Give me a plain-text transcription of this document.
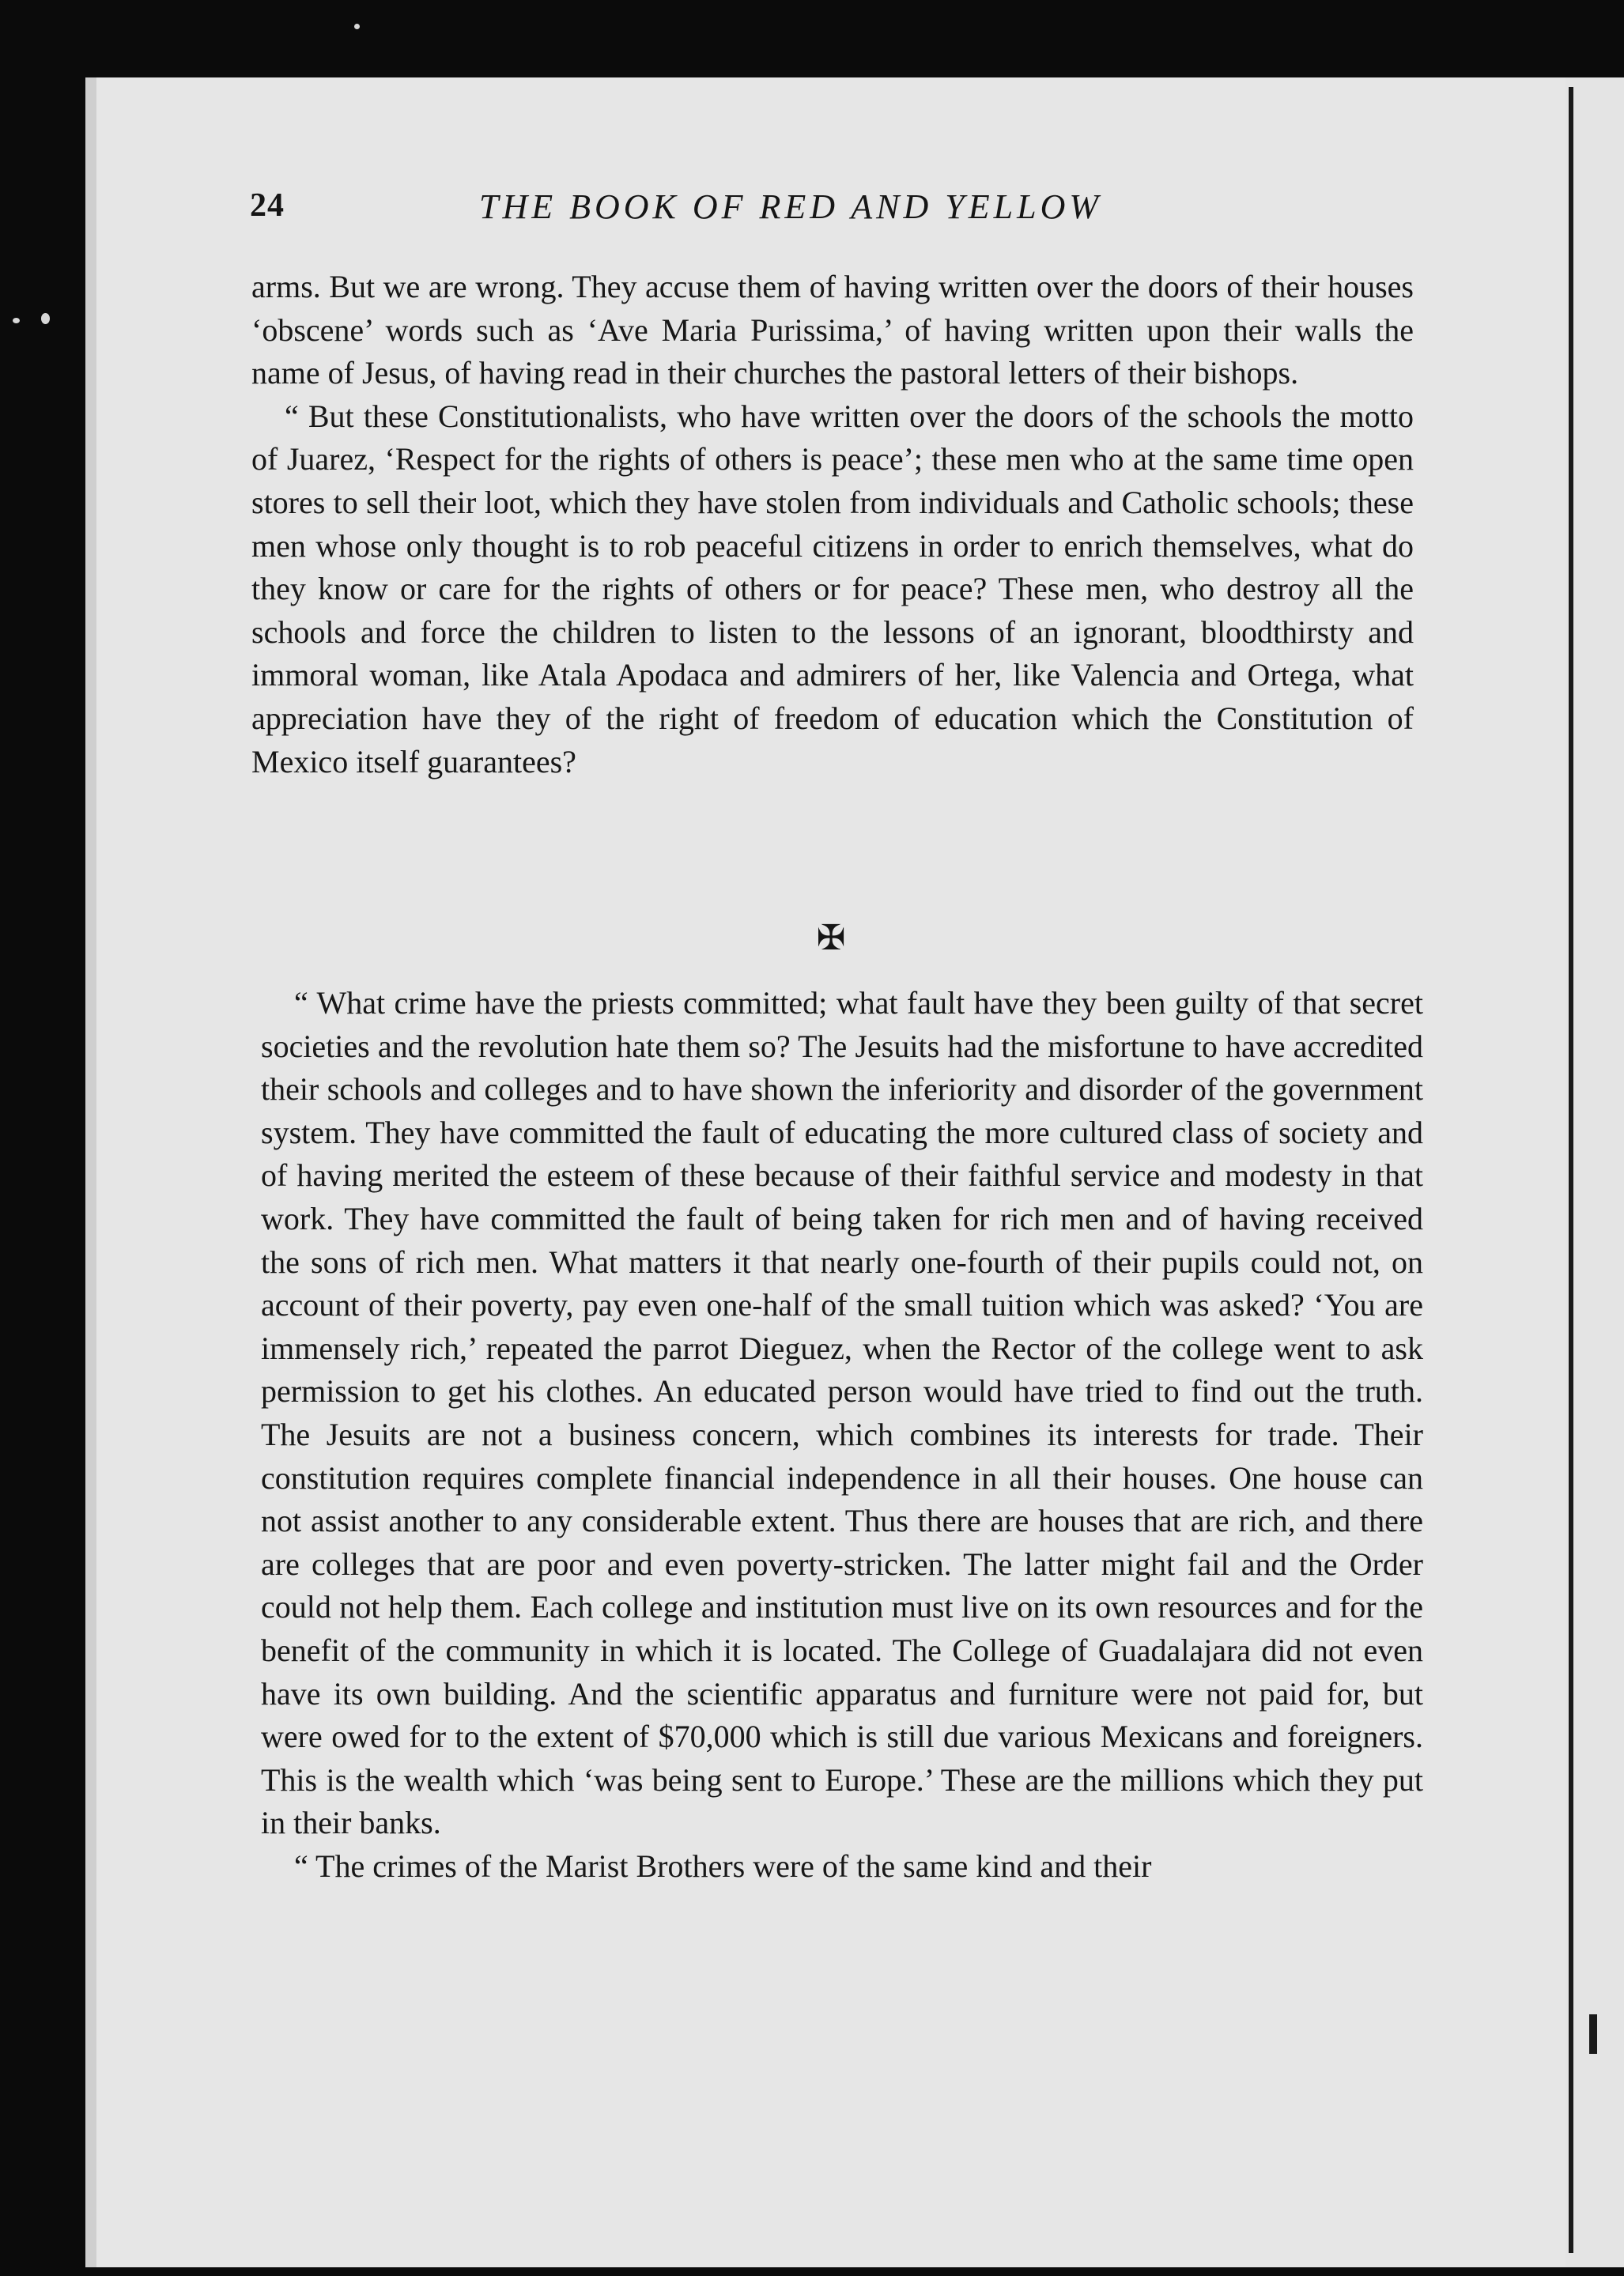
24	THE BOOK OF RED AND YELLOW

arms. But we are wrong. They accuse them of having written over the doors of their houses ‘obscene’ words such as ‘Ave Maria Purissima,’ of having written upon their walls the name of Jesus, of having read in their churches the pastoral letters of their bishops.

“ But these Constitutionalists, who have written over the doors of the schools the motto of Juarez, ‘Respect for the rights of others is peace’; these men who at the same time open stores to sell their loot, which they have stolen from individuals and Catholic schools; these men whose only thought is to rob peaceful citizens in order to enrich themselves, what do they know or care for the rights of others or for peace? These men, who destroy all the schools and force the children to listen to the lessons of an ignorant, bloodthirsty and immoral woman, like Atala Apodaca and admirers of her, like Valencia and Ortega, what appreciation have they of the right of freedom of education which the Constitution of Mexico itself guarantees?

✠

“ What crime have the priests committed; what fault have they been guilty of that secret societies and the revolution hate them so? The Jesuits had the misfortune to have accredited their schools and colleges and to have shown the inferiority and disorder of the government system. They have committed the fault of educating the more cultured class of society and of having merited the esteem of these because of their faithful service and modesty in that work. They have committed the fault of being taken for rich men and of having received the sons of rich men. What matters it that nearly one-fourth of their pupils could not, on account of their poverty, pay even one-half of the small tuition which was asked? ‘You are immensely rich,’ repeated the parrot Dieguez, when the Rector of the college went to ask permission to get his clothes. An educated person would have tried to find out the truth. The Jesuits are not a business concern, which combines its interests for trade. Their constitution requires complete financial independence in all their houses. One house can not assist another to any considerable extent. Thus there are houses that are rich, and there are colleges that are poor and even poverty-stricken. The latter might fail and the Order could not help them. Each college and institution must live on its own resources and for the benefit of the community in which it is located. The College of Guadalajara did not even have its own building. And the scientific apparatus and furniture were not paid for, but were owed for to the extent of $70,000 which is still due various Mexicans and foreigners. This is the wealth which ‘was being sent to Europe.’ These are the millions which they put in their banks.

“ The crimes of the Marist Brothers were of the same kind and their
